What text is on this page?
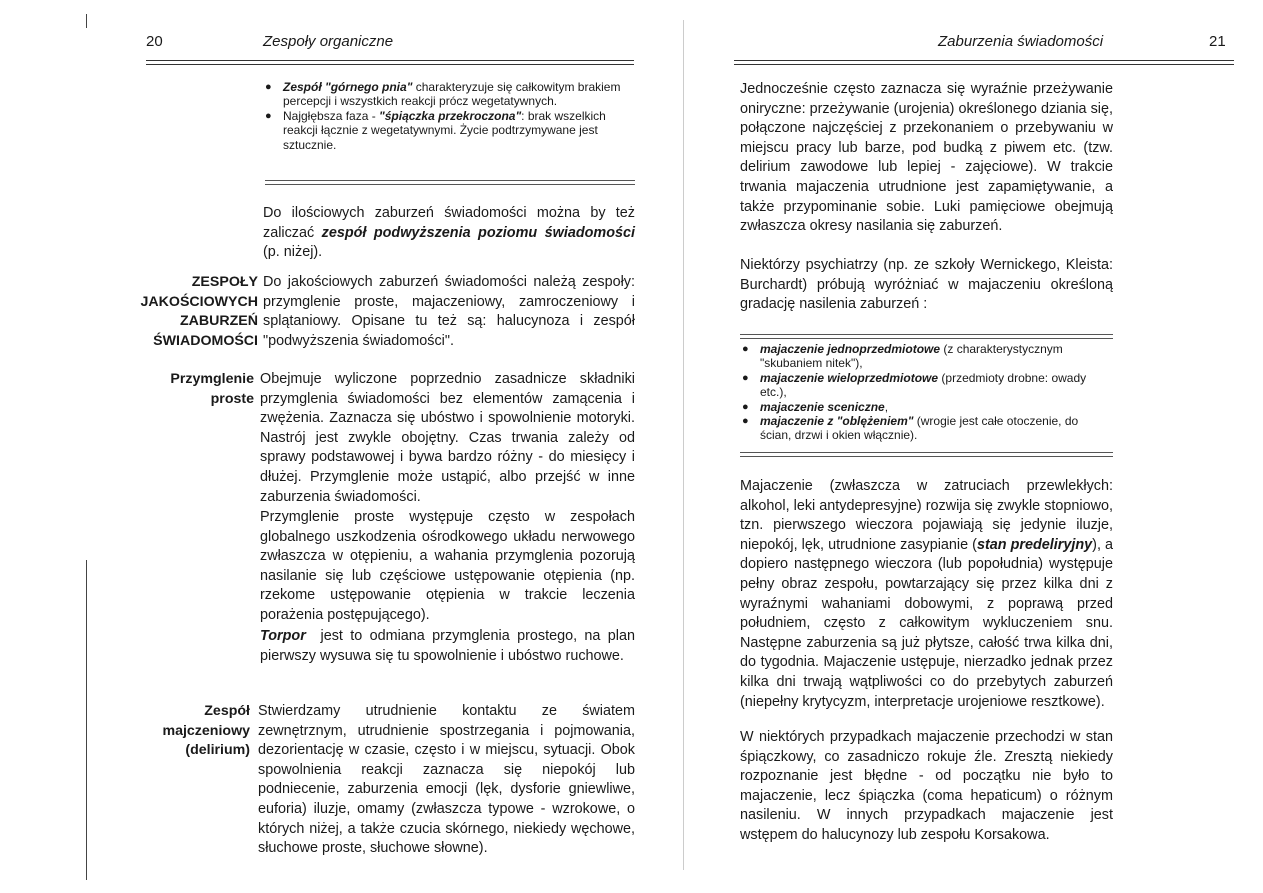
20	Zespoły organiczne
● Zespół "górnego pnia" charakteryzuje się całkowitym brakiem percepcji i wszystkich reakcji prócz wegetatywnych.
● Najgłębsza faza - "śpiączka przekroczona": brak wszelkich reakcji łącznie z wegetatywnymi. Życie podtrzymywane jest sztucznie.

Do ilościowych zaburzeń świadomości można by też zaliczać zespół podwyższenia poziomu świadomości (p. niżej).

ZESPOŁY
JAKOŚCIOWYCH
ZABURZEŃ
ŚWIADOMOŚCI

Do jakościowych zaburzeń świadomości należą zespoły: przymglenie proste, majaczeniowy, zamroczeniowy i splątaniowy. Opisane tu też są: halucynoza i zespół "podwyższenia świadomości".

Przymglenie
proste

Obejmuje wyliczone poprzednio zasadnicze składniki przymglenia świadomości bez elementów zamącenia i zwężenia. Zaznacza się ubóstwo i spowolnienie motoryki. Nastrój jest zwykle obojętny. Czas trwania zależy od sprawy podstawowej i bywa bardzo różny - do miesięcy i dłużej. Przymglenie może ustąpić, albo przejść w inne zaburzenia świadomości.

Przymglenie proste występuje często w zespołach globalnego uszkodzenia ośrodkowego układu nerwowego zwłaszcza w otępieniu, a wahania przymglenia pozorują nasilanie się lub częściowe ustępowanie otępienia (np. rzekome ustępowanie otępienia w trakcie leczenia porażenia postępującego).

Torpor  jest to odmiana przymglenia prostego, na plan pierwszy wysuwa się tu spowolnienie i ubóstwo ruchowe.

Zespół
majczeniowy
(delirium)

Stwierdzamy utrudnienie kontaktu ze światem zewnętrznym, utrudnienie spostrzegania i pojmowania, dezorientację w czasie, często i w miejscu, sytuacji. Obok spowolnienia reakcji zaznacza się niepokój lub podniecenie, zaburzenia emocji (lęk, dysforie gniewliwe, euforia) iluzje, omamy (zwłaszcza typowe - wzrokowe, o których niżej, a także czucia skórnego, niekiedy węchowe, słuchowe proste, słuchowe słowne).

Zaburzenia świadomości	21

Jednocześnie często zaznacza się wyraźnie przeżywanie oniryczne: przeżywanie (urojenia) określonego dziania się, połączone najczęściej z przekonaniem o przebywaniu w miejscu pracy lub barze, pod budką z piwem etc. (tzw. delirium zawodowe lub lepiej - zajęciowe). W trakcie trwania majaczenia utrudnione jest zapamiętywanie, a także przypominanie sobie. Luki pamięciowe obejmują zwłaszcza okresy nasilania się zaburzeń.

Niektórzy psychiatrzy (np. ze szkoły Wernickego, Kleista: Burchardt) próbują wyróżniać w majaczeniu określoną gradację nasilenia zaburzeń :

● majaczenie jednoprzedmiotowe (z charakterystycznym "skubaniem nitek"),
● majaczenie wieloprzedmiotowe (przedmioty drobne: owady etc.),
● majaczenie sceniczne,
● majaczenie z "oblężeniem" (wrogie jest całe otoczenie, do ścian, drzwi i okien włącznie).

Majaczenie (zwłaszcza w zatruciach przewlekłych: alkohol, leki antydepresyjne) rozwija się zwykle stopniowo, tzn. pierwszego wieczora pojawiają się jedynie iluzje, niepokój, lęk, utrudnione zasypianie (stan predeliryjny), a dopiero następnego wieczora (lub popołudnia) występuje pełny obraz zespołu, powtarzający się przez kilka dni z wyraźnymi wahaniami dobowymi, z poprawą przed południem, często z całkowitym wykluczeniem snu. Następne zaburzenia są już płytsze, całość trwa kilka dni, do tygodnia. Majaczenie ustępuje, nierzadko jednak przez kilka dni trwają wątpliwości co do przebytych zaburzeń (niepełny krytycyzm, interpretacje urojeniowe resztkowe).

W niektórych przypadkach majaczenie przechodzi w stan śpiączkowy, co zasadniczo rokuje źle. Zresztą niekiedy rozpoznanie jest błędne - od początku nie było to majaczenie, lecz śpiączka (coma hepaticum) o różnym nasileniu. W innych przypadkach majaczenie jest wstępem do halucynozy lub zespołu Korsakowa.
